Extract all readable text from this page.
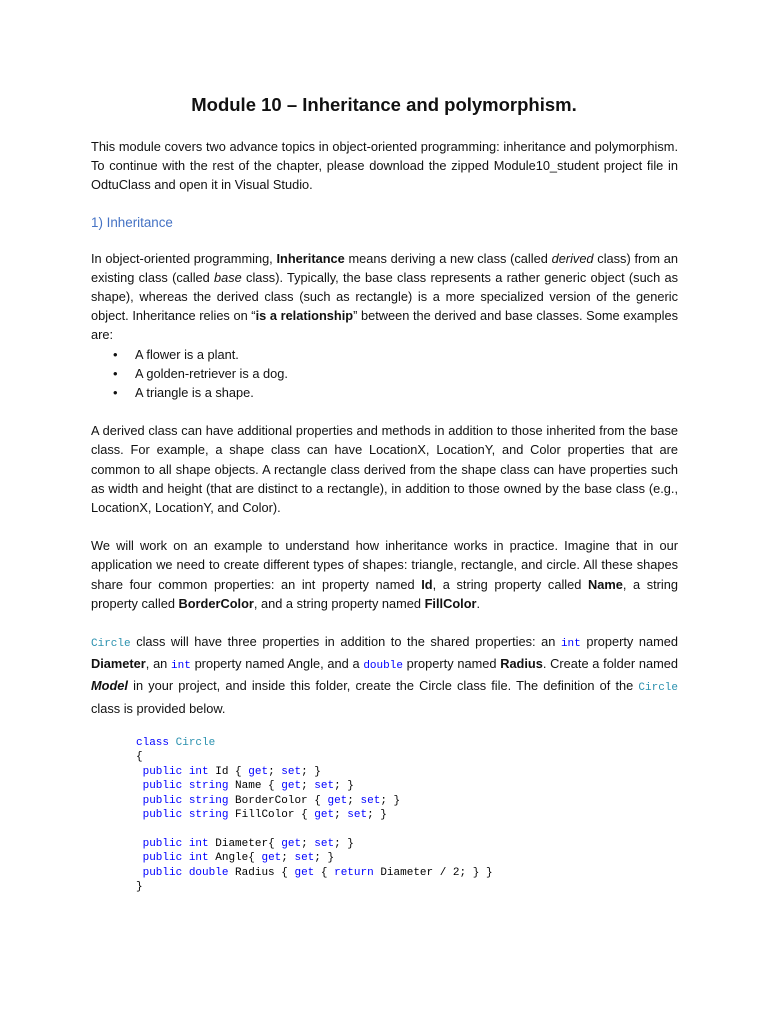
Module 10 – Inheritance and polymorphism.

This module covers two advance topics in object-oriented programming: inheritance and polymorphism. To continue with the rest of the chapter, please download the zipped Module10_student project file in OdtuClass and open it in Visual Studio.

1) Inheritance

In object-oriented programming, Inheritance means deriving a new class (called derived class) from an existing class (called base class). Typically, the base class represents a rather generic object (such as shape), whereas the derived class (such as rectangle) is a more specialized version of the generic object. Inheritance relies on “is a relationship” between the derived and base classes. Some examples are:

• A flower is a plant.
• A golden-retriever is a dog.
• A triangle is a shape.

A derived class can have additional properties and methods in addition to those inherited from the base class. For example, a shape class can have LocationX, LocationY, and Color properties that are common to all shape objects. A rectangle class derived from the shape class can have properties such as width and height (that are distinct to a rectangle), in addition to those owned by the base class (e.g., LocationX, LocationY, and Color).

We will work on an example to understand how inheritance works in practice. Imagine that in our application we need to create different types of shapes: triangle, rectangle, and circle. All these shapes share four common properties: an int property named Id, a string property called Name, a string property called BorderColor, and a string property named FillColor.

Circle class will have three properties in addition to the shared properties: an int property named Diameter, an int property named Angle, and a double property named Radius. Create a folder named Model in your project, and inside this folder, create the Circle class file. The definition of the Circle class is provided below.

class Circle
{
public int Id { get; set; }
public string Name { get; set; }
public string BorderColor { get; set; }
public string FillColor { get; set; }

public int Diameter{ get; set; }
public int Angle{ get; set; }
public double Radius { get { return Diameter / 2; } }
}
